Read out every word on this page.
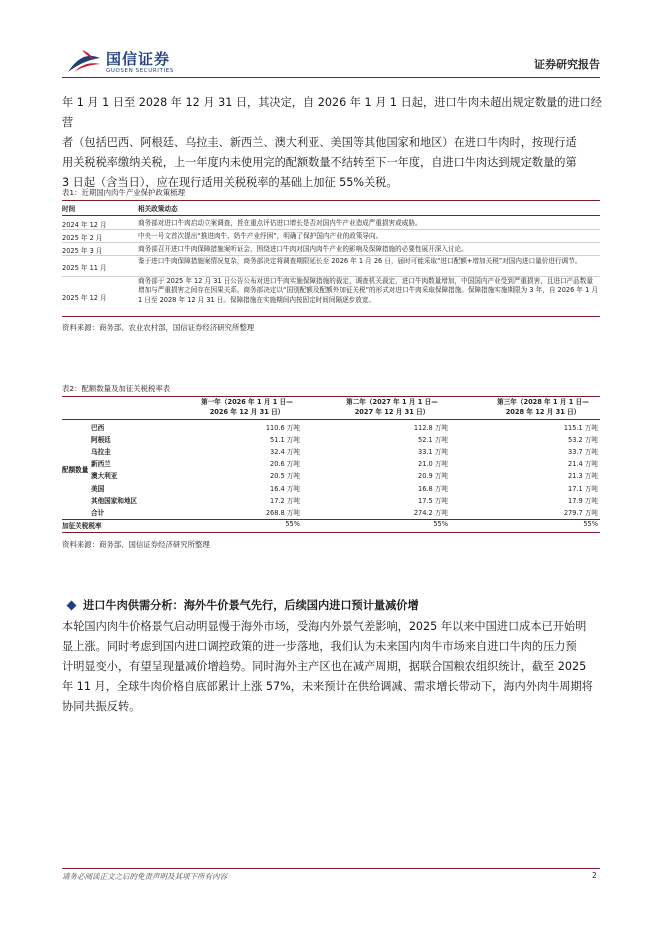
国信证券
GUOSEN SECURITIES	证券研究报告
年 1 月 1 日至 2028 年 12 月 31 日，其决定，自 2026 年 1 月 1 日起，进口牛肉未超出规定数量的进口经营
者（包括巴西、阿根廷、乌拉圭、新西兰、澳大利亚、美国等其他国家和地区）在进口牛肉时，按现行适
用关税税率缴纳关税，上一年度内未使用完的配额数量不结转至下一年度，自进口牛肉达到规定数量的第
3 日起（含当日），应在现行适用关税税率的基础上加征 55%关税。
表1：近期国内肉牛产业保护政策梳理
时间	相关政策动态
2024 年 12 月	商务部对进口牛肉启动立案调查，旨在重点评估进口增长是否对国内牛产业造成严重损害或威胁。
2025 年 2 月	中央一号文首次提出“推进肉牛、奶牛产业纾困”，明确了保护国内产业的政策导向。
2025 年 3 月	商务部召开进口牛肉保障措施案听证会，围绕进口牛肉对国内肉牛产业的影响及保障措施的必要性展开深入讨论。
2025 年 11 月
鉴于进口牛肉保障措施案情况复杂，商务部决定将调查期限延长至 2026 年 1 月 26 日，届时可能采取“进口配额+增加关税”对国内进口量价进行调节。
2025 年 12 月
商务部于 2025 年 12 月 31 日公告公布对进口牛肉实施保障措施的裁定，调查机关裁定，进口牛肉数量增加，中国国内产业受到严重损害，且进口产品数量增加与严重损害之间存在因果关系。商务部决定以“国别配额及配额外加征关税”的形式对进口牛肉采取保障措施。保障措施实施期限为 3 年，自 2026 年 1 月 1 日至 2028 年 12 月 31 日。保障措施在实施期间内按固定时间间隔逐步放宽。
资料来源：商务部、农业农村部，国信证券经济研究所整理
表2：配额数量及加征关税税率表
第一年（2026 年 1 月 1 日—
2026 年 12 月 31 日）
第二年（2027 年 1 月 1 日—
2027 年 12 月 31 日）
第三年（2028 年 1 月 1 日—
2028 年 12 月 31 日）
配额数量
巴西	110.6 万吨	112.8 万吨	115.1 万吨
阿根廷	51.1 万吨	52.1 万吨	53.2 万吨
乌拉圭	32.4 万吨	33.1 万吨	33.7 万吨
新西兰	20.6 万吨	21.0 万吨	21.4 万吨
澳大利亚	20.5 万吨	20.9 万吨	21.3 万吨
美国	16.4 万吨	16.8 万吨	17.1 万吨
其他国家和地区	17.2 万吨	17.5 万吨	17.9 万吨
合计	268.8 万吨	274.2 万吨	279.7 万吨
加征关税税率	55%	55%	55%
资料来源：商务部、国信证券经济研究所整理
进口牛肉供需分析：海外牛价景气先行，后续国内进口预计量减价增
本轮国内肉牛价格景气启动明显慢于海外市场，受海内外景气差影响，2025 年以来中国进口成本已开始明
显上涨。同时考虑到国内进口调控政策的进一步落地，我们认为未来国内肉牛市场来自进口牛肉的压力预
计明显变小，有望呈现量减价增趋势。同时海外主产区也在减产周期，据联合国粮农组织统计，截至 2025
年 11 月，全球牛肉价格自底部累计上涨 57%，未来预计在供给调减、需求增长带动下，海内外肉牛周期将
协同共振反转。
请务必阅读正文之后的免责声明及其项下所有内容	2
